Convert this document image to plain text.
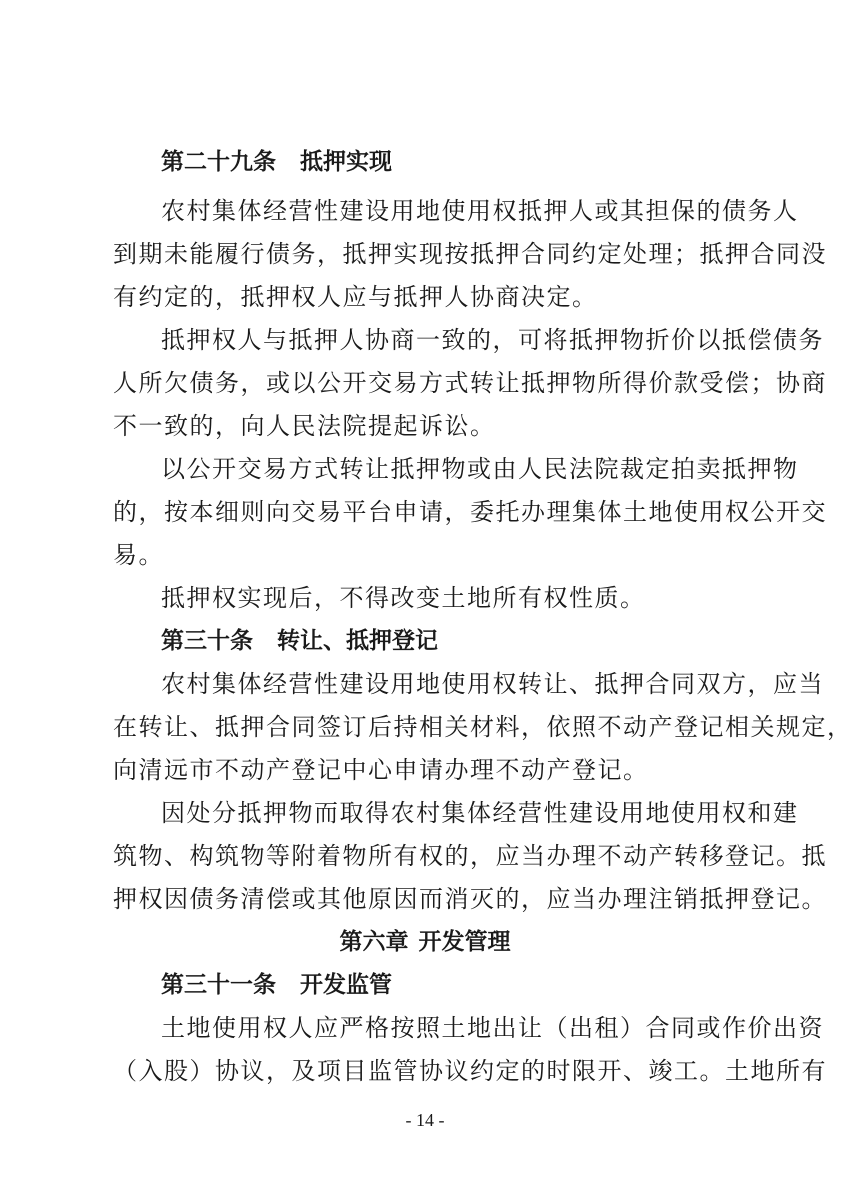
第二十九条 抵押实现
农村集体经营性建设用地使用权抵押人或其担保的债务人
到期未能履行债务，抵押实现按抵押合同约定处理；抵押合同没
有约定的，抵押权人应与抵押人协商决定。
抵押权人与抵押人协商一致的，可将抵押物折价以抵偿债务
人所欠债务，或以公开交易方式转让抵押物所得价款受偿；协商
不一致的，向人民法院提起诉讼。
以公开交易方式转让抵押物或由人民法院裁定拍卖抵押物
的，按本细则向交易平台申请，委托办理集体土地使用权公开交
易。
抵押权实现后，不得改变土地所有权性质。
第三十条 转让、抵押登记
农村集体经营性建设用地使用权转让、抵押合同双方，应当
在转让、抵押合同签订后持相关材料，依照不动产登记相关规定，
向清远市不动产登记中心申请办理不动产登记。
因处分抵押物而取得农村集体经营性建设用地使用权和建
筑物、构筑物等附着物所有权的，应当办理不动产转移登记。抵
押权因债务清偿或其他原因而消灭的，应当办理注销抵押登记。
第六章 开发管理
第三十一条 开发监管
土地使用权人应严格按照土地出让（出租）合同或作价出资
（入股）协议，及项目监管协议约定的时限开、竣工。土地所有
- 14 -
